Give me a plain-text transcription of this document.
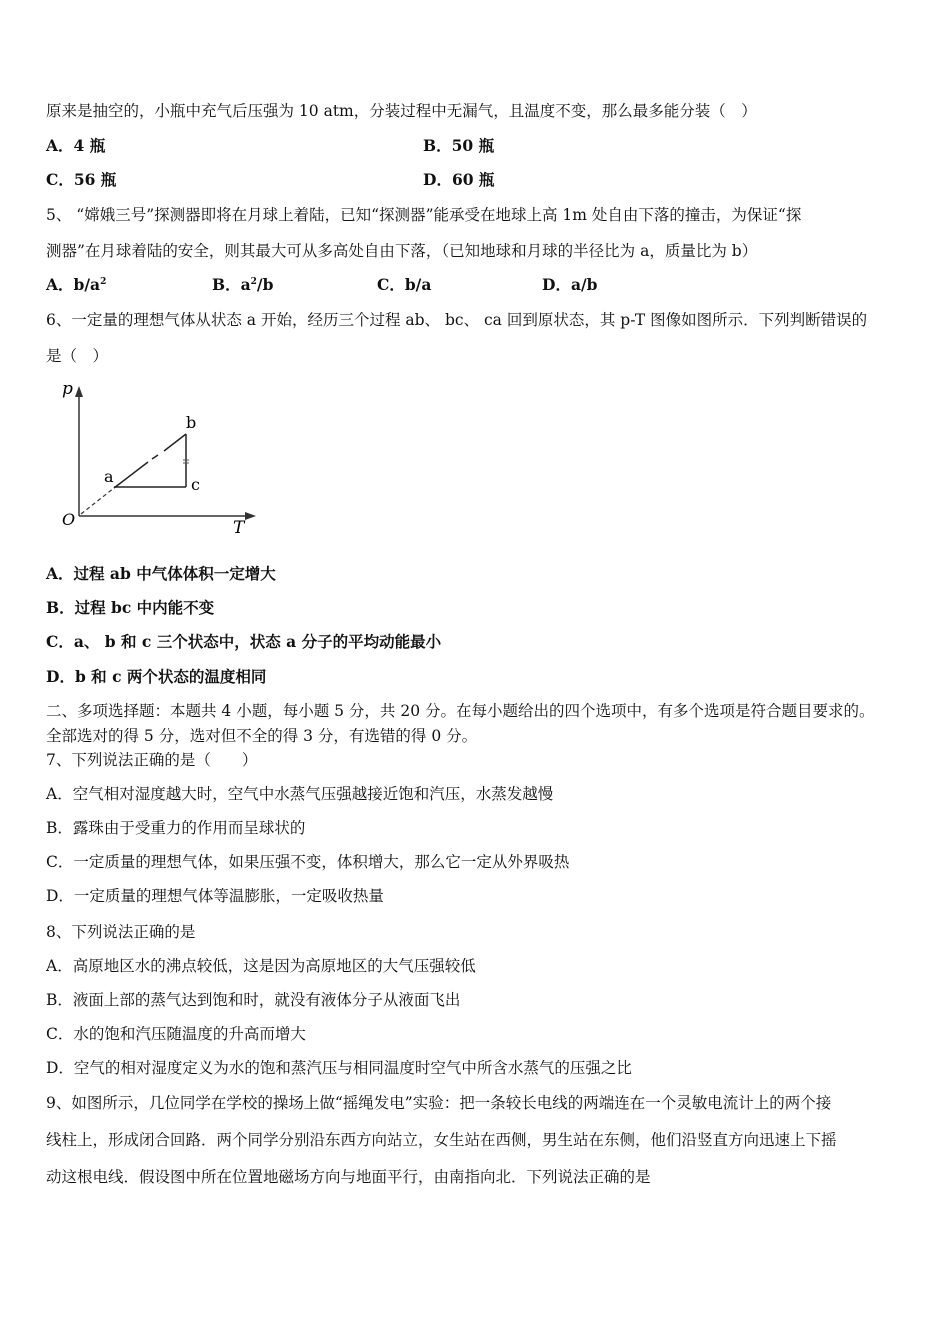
原来是抽空的，小瓶中充气后压强为 10 atm，分装过程中无漏气，且温度不变，那么最多能分装（　）
A．4 瓶	B．50 瓶
C．56 瓶	D．60 瓶
5、 “嫦娥三号”探测器即将在月球上着陆，已知“探测器”能承受在地球上高 1m 处自由下落的撞击，为保证“探
测器”在月球着陆的安全，则其最大可从多高处自由下落，（已知地球和月球的半径比为 a，质量比为 b）
A．$b/a^2$	B．$a^2/b$	C．b/a	D．a/b
6、一定量的理想气体从状态 a 开始，经历三个过程 ab、 bc、 ca 回到原状态，其 p-T 图像如图所示．下列判断错误的
是（　）
p
T
O
a
b
c
A．过程 ab 中气体体积一定增大
B．过程 bc 中内能不变
C．a、 b 和 c 三个状态中，状态 a 分子的平均动能最小
D．b 和 c 两个状态的温度相同
二、多项选择题：本题共 4 小题，每小题 5 分，共 20 分。在每小题给出的四个选项中，有多个选项是符合题目要求的。
全部选对的得 5 分，选对但不全的得 3 分，有选错的得 0 分。
7、下列说法正确的是（　　）
A．空气相对湿度越大时，空气中水蒸气压强越接近饱和汽压，水蒸发越慢
B．露珠由于受重力的作用而呈球状的
C．一定质量的理想气体，如果压强不变，体积增大，那么它一定从外界吸热
D．一定质量的理想气体等温膨胀，一定吸收热量
8、下列说法正确的是
A．高原地区水的沸点较低，这是因为高原地区的大气压强较低
B．液面上部的蒸气达到饱和时，就没有液体分子从液面飞出
C．水的饱和汽压随温度的升高而增大
D．空气的相对湿度定义为水的饱和蒸汽压与相同温度时空气中所含水蒸气的压强之比
9、如图所示，几位同学在学校的操场上做“摇绳发电”实验：把一条较长电线的两端连在一个灵敏电流计上的两个接
线柱上，形成闭合回路．两个同学分别沿东西方向站立，女生站在西侧，男生站在东侧，他们沿竖直方向迅速上下摇
动这根电线．假设图中所在位置地磁场方向与地面平行，由南指向北．下列说法正确的是
